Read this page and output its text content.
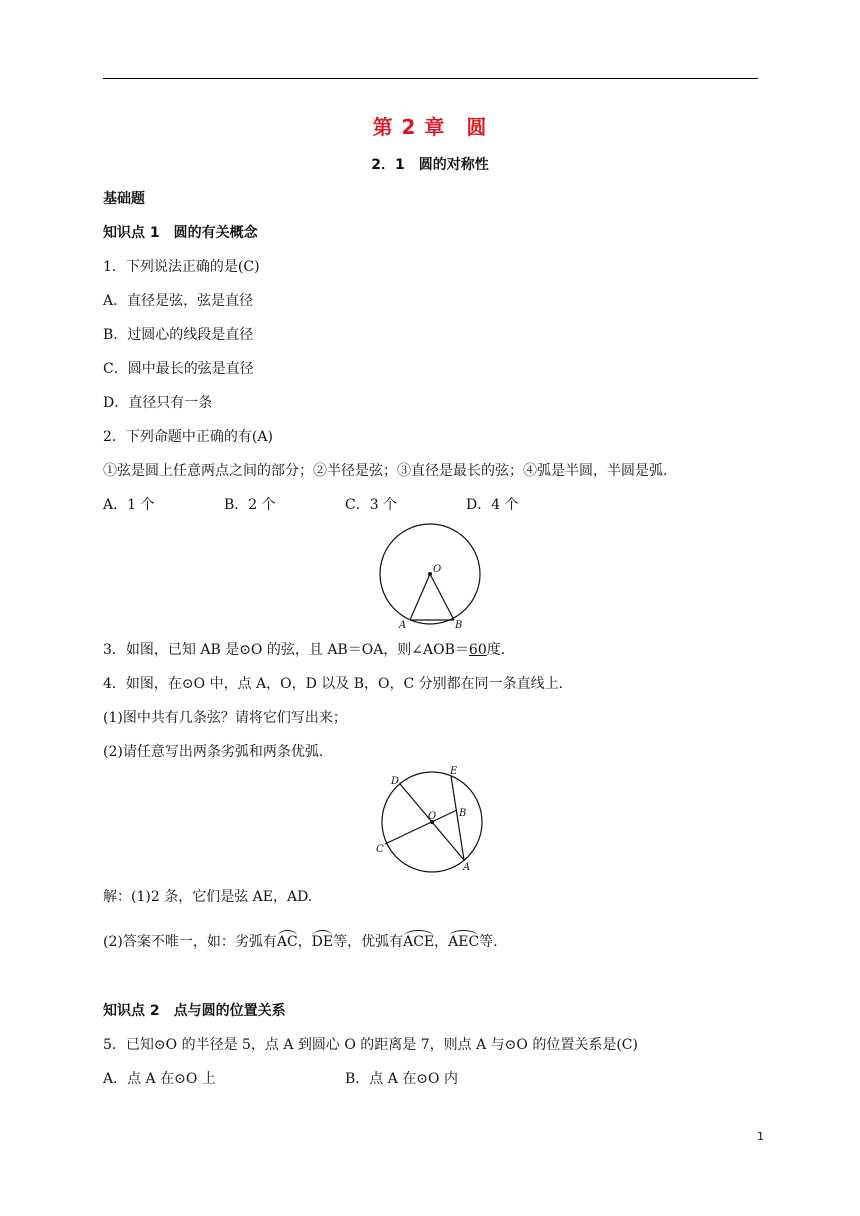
第 2 章　圆
2．1　圆的对称性
基础题
知识点 1　圆的有关概念
1．下列说法正确的是(C)
A．直径是弦，弦是直径
B．过圆心的线段是直径
C．圆中最长的弦是直径
D．直径只有一条
2．下列命题中正确的有(A)
①弦是圆上任意两点之间的部分；②半径是弦；③直径是最长的弦；④弧是半圆，半圆是弧.
A．1 个	B．2 个	C．3 个	D．4 个
O
A	B
3．如图，已知 AB 是⊙O 的弦，且 AB＝OA，则∠AOB＝60度.
4．如图，在⊙O 中，点 A，O，D 以及 B，O，C 分别都在同一条直线上.
(1)图中共有几条弦？请将它们写出来；
(2)请任意写出两条劣弧和两条优弧.
D
E
O B
C
A
解：(1)2 条，它们是弦 AE，AD.
(2)答案不唯一，如：劣弧有AC，DE等，优弧有ACE，AEC等.
知识点 2　点与圆的位置关系
5．已知⊙O 的半径是 5，点 A 到圆心 O 的距离是 7，则点 A 与⊙O 的位置关系是(C)
A．点 A 在⊙O 上	B．点 A 在⊙O 内
1
